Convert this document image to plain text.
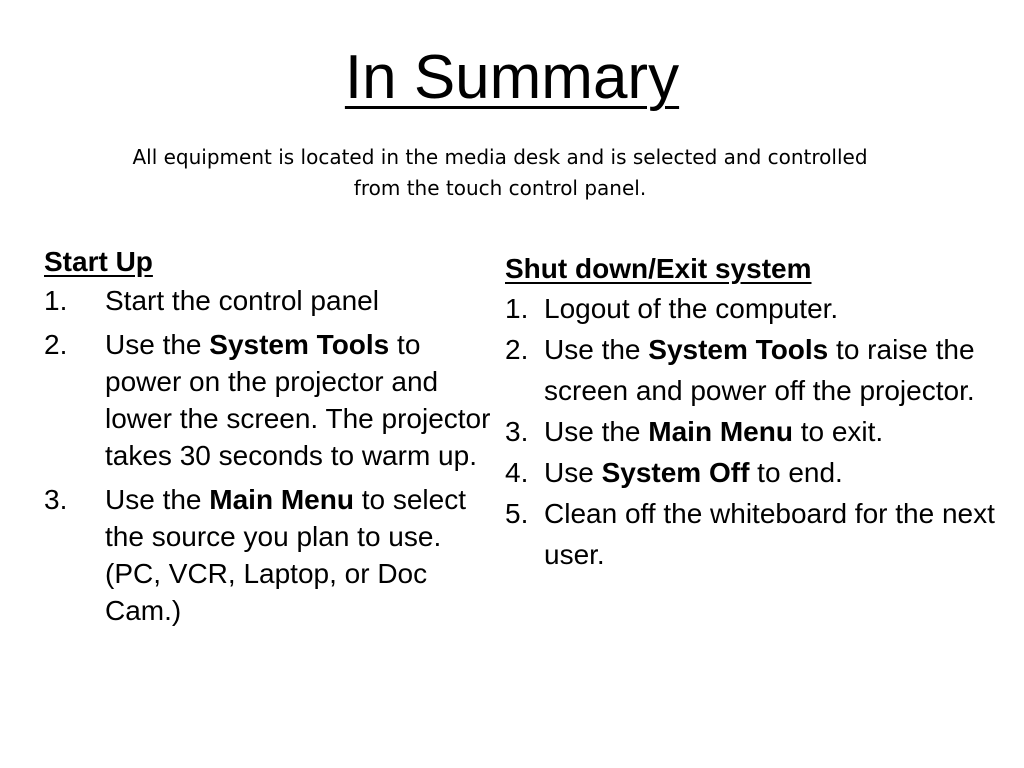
In Summary
All equipment is located in the media desk and is selected and controlled from the touch control panel.
Start Up
1.	Start the control panel
2.	Use the System Tools to power on the projector and lower the screen. The projector takes 30 seconds to warm up.
3.	Use the Main Menu to select the source you plan to use. (PC, VCR, Laptop, or Doc Cam.)
Shut down/Exit system
1. Logout of the computer.
2. Use the System Tools to raise the screen and power off the projector.
3. Use the Main Menu to exit.
4. Use System Off to end.
5. Clean off the whiteboard for the next user.
